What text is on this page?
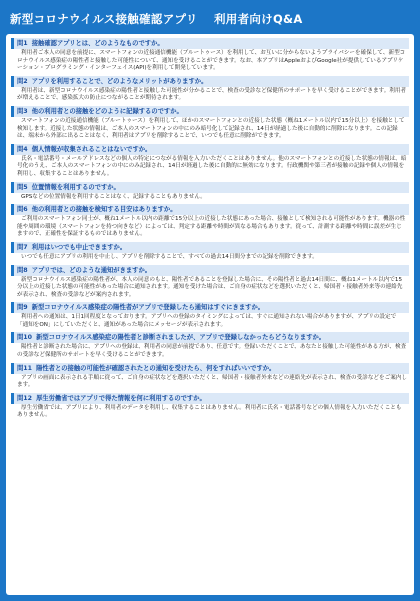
新型コロナウイルス接触確認アプリ 利用者向けQ&A
問1 接触確認アプリとは、どのようなものですか。
利用者ご本人の同意を前提に、スマートフォンの近接通信機能（ブルートゥース）を利用して、お互いに分からないようプライバシーを確保して、新型コロナウイルス感染症の陽性者と接触した可能性について、通知を受けることができます。なお、本アプリはAppleおよびGoogle社が提供しているアプリケーション・プログラミング・インターフェイス(API)を利用して開発しています。
問2 アプリを利用することで、どのようなメリットがありますか。
利用者は、新型コロナウイルス感染症の陽性者と接触した可能性が分かることで、検査の受診など保健所のサポートを早く受けることができます。利用者が増えることで、感染拡大の防止につながることが期待されます。
問3 他の利用者との接触をどのように記録するのですか。
スマートフォンの近接通信機能（ブルートゥース）を利用して、ほかのスマートフォンとの近接した状態（概ね1メートル以内で15分以上）を接触として検知します。近接した状態の情報は、ご本人のスマートフォンの中にのみ暗号化して記録され、14日が経過した後に自動的に削除になります。この記録は、端末から外部に出ることはなく、利用者はアプリを削除することで、いつでも任意に削除ができます。
問4 個人情報が収集されることはないですか。
氏名・電話番号・メールアドレスなどの個人の特定につながる情報を入力いただくことはありません。他のスマートフォンとの近接した状態の情報は、暗号化のうえ、ご本人のスマートフォンの中にのみ記録され、14日が経過した後に自動的に無効になります。行政機関や第三者が接触の記録や個人の情報を利用し、収集することはありません。
問5 位置情報を利用するのですか。
GPSなどの位置情報を利用することはなく、記録することもありません。
問6 他の利用者との接触を検知する目安はありますか。
ご利用のスマートフォン同士が、概ね1メートル以内の距離で15分以上の近接した状態にあった場合、接触として検知される可能性があります。機器の性能や周囲の環境（スマートフォンを持つ向きなど）によっては、判定する距離や時間が異なる場合もあります。従って、計測する距離や時間に誤差が生じますので、正確性を保証するものではありません。
問7 利用はいつでも中止できますか。
いつでも任意にアプリの利用を中止し、アプリを削除することで、すべての過去14日間分までの記録を削除できます。
問8 アプリでは、どのような通知がきますか。
新型コロナウイルス感染症の陽性者が、本人の同意のもと、陽性者であることを登録した場合に、その陽性者と過去14日間に、概ね1メートル以内で15分以上の近接した状態の可能性があった場合に通知されます。通知を受けた場合は、ご自身の症状などを選択いただくと、帰国者・接触者外来等の連絡先が表示され、検査の受診などが案内されます。
問9 新型コロナウイルス感染症の陽性者がアプリで登録したら通知はすぐにきますか。
利用者への通知は、1日1回程度となっております。アプリへの登録のタイミングによっては、すぐに通知されない場合がありますが、アプリの設定で「通知をON」にしていただくと、通知があった場合にメッセージが表示されます。
問10 新型コロナウイルス感染症の陽性者と診断されましたが、アプリで登録しなかったらどうなりますか。
陽性者と診断された場合に、アプリへの登録は、利用者の同意が前提であり、任意です。登録いただくことで、あなたと接触した可能性がある方が、検査の受診など保健所のサポートを早く受けることができます。
問11 陽性者との接触の可能性が確認されたとの通知を受けたら、何をすればいいですか。
アプリの画面に表示される手順に従って、ご自身の症状などを選択いただくと、帰国者・接触者外来などの連絡先が表示され、検査の受診などをご案内します。
問12 厚生労働省ではアプリで得た情報を何に利用するのですか。
厚生労働省では、アプリにより、利用者のデータを利用し、収集することはありません。利用者に氏名・電話番号などの個人情報を入力いただくこともありません。
